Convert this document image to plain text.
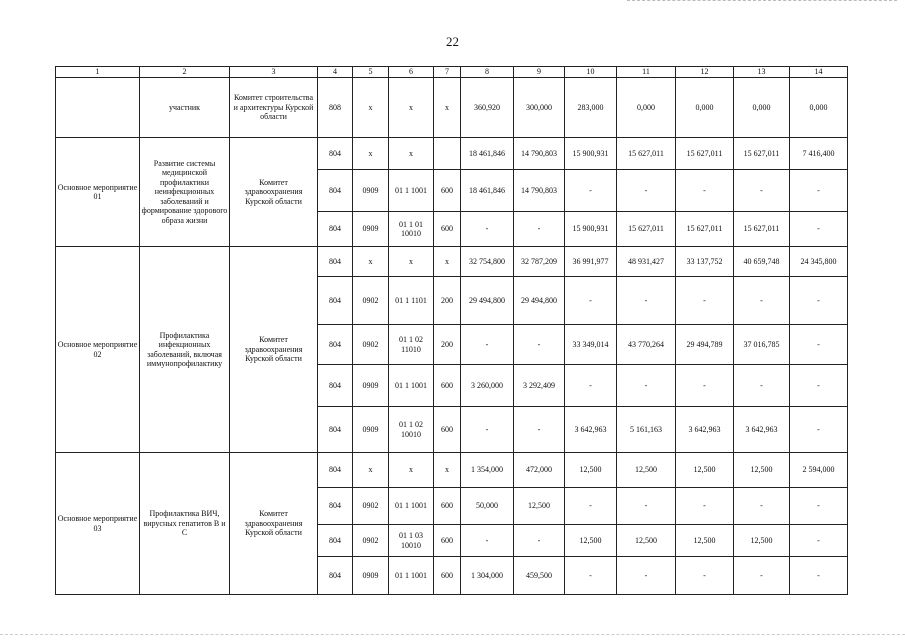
22
1	2	3	4	5	6	7	8	9	10	11	12	13	14
	участник	Комитет строительства и архитектуры Курской области	808	x	x	x	360,920	300,000	283,000	0,000	0,000	0,000	0,000
Основное мероприятие 01	Развитие системы медицинской профилактики неинфекционных заболеваний и формирование здорового образа жизни	Комитет здравоохранения Курской области	804	x	x		18 461,846	14 790,803	15 900,931	15 627,011	15 627,011	15 627,011	7 416,400
			804	0909	01 1 1001	600	18 461,846	14 790,803	-	-	-	-	-
			804	0909	01 1 01 10010	600	-	-	15 900,931	15 627,011	15 627,011	15 627,011	-
Основное мероприятие 02	Профилактика инфекционных заболеваний, включая иммунопрофилактику	Комитет здравоохранения Курской области	804	x	x	x	32 754,800	32 787,209	36 991,977	48 931,427	33 137,752	40 659,748	24 345,800
			804	0902	01 1 1101	200	29 494,800	29 494,800	-	-	-	-	-
			804	0902	01 1 02 11010	200	-	-	33 349,014	43 770,264	29 494,789	37 016,785	-
			804	0909	01 1 1001	600	3 260,000	3 292,409	-	-	-	-	-
			804	0909	01 1 02 10010	600	-	-	3 642,963	5 161,163	3 642,963	3 642,963	-
Основное мероприятие 03	Профилактика ВИЧ, вирусных гепатитов В и С	Комитет здравоохранения Курской области	804	x	x	x	1 354,000	472,000	12,500	12,500	12,500	12,500	2 594,000
			804	0902	01 1 1001	600	50,000	12,500	-	-	-	-	-
			804	0902	01 1 03 10010	600	-	-	12,500	12,500	12,500	12,500	-
			804	0909	01 1 1001	600	1 304,000	459,500	-	-	-	-	-
